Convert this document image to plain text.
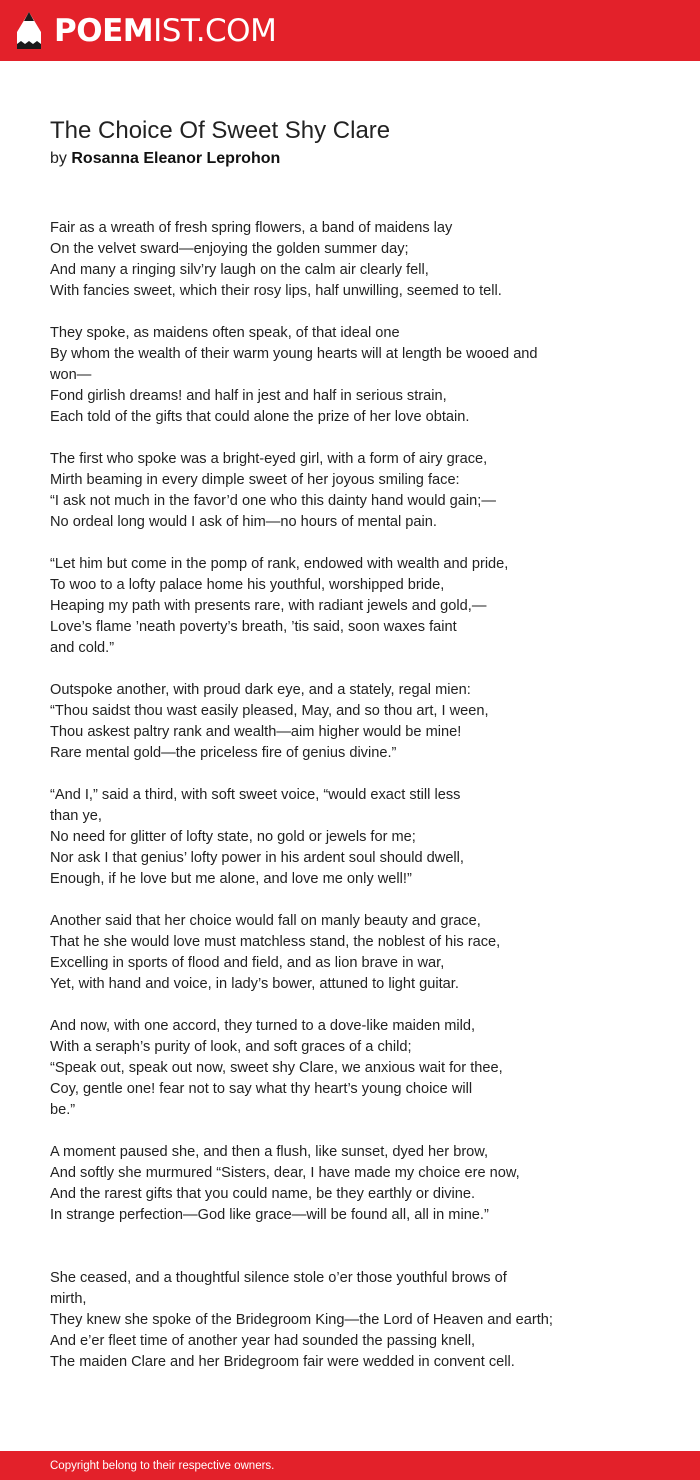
POEMIST.COM
The Choice Of Sweet Shy Clare
by Rosanna Eleanor Leprohon
Fair as a wreath of fresh spring flowers, a band of maidens lay
On the velvet sward—enjoying the golden summer day;
And many a ringing silv’ry laugh on the calm air clearly fell,
With fancies sweet, which their rosy lips, half unwilling, seemed to tell.
They spoke, as maidens often speak, of that ideal one
By whom the wealth of their warm young hearts will at length be wooed and
won—
Fond girlish dreams! and half in jest and half in serious strain,
Each told of the gifts that could alone the prize of her love obtain.
The first who spoke was a bright-eyed girl, with a form of airy grace,
Mirth beaming in every dimple sweet of her joyous smiling face:
“I ask not much in the favor’d one who this dainty hand would gain;—
No ordeal long would I ask of him—no hours of mental pain.
“Let him but come in the pomp of rank, endowed with wealth and pride,
To woo to a lofty palace home his youthful, worshipped bride,
Heaping my path with presents rare, with radiant jewels and gold,—
Love’s flame ’neath poverty’s breath, ’tis said, soon waxes faint
and cold.”
Outspoke another, with proud dark eye, and a stately, regal mien:
“Thou saidst thou wast easily pleased, May, and so thou art, I ween,
Thou askest paltry rank and wealth—aim higher would be mine!
Rare mental gold—the priceless fire of genius divine.”
“And I,” said a third, with soft sweet voice, “would exact still less
than ye,
No need for glitter of lofty state, no gold or jewels for me;
Nor ask I that genius’ lofty power in his ardent soul should dwell,
Enough, if he love but me alone, and love me only well!”
Another said that her choice would fall on manly beauty and grace,
That he she would love must matchless stand, the noblest of his race,
Excelling in sports of flood and field, and as lion brave in war,
Yet, with hand and voice, in lady’s bower, attuned to light guitar.
And now, with one accord, they turned to a dove-like maiden mild,
With a seraph’s purity of look, and soft graces of a child;
“Speak out, speak out now, sweet shy Clare, we anxious wait for thee,
Coy, gentle one! fear not to say what thy heart’s young choice will
be.”
A moment paused she, and then a flush, like sunset, dyed her brow,
And softly she murmured “Sisters, dear, I have made my choice ere now,
And the rarest gifts that you could name, be they earthly or divine.
In strange perfection—God like grace—will be found all, all in mine.”
She ceased, and a thoughtful silence stole o’er those youthful brows of
mirth,
They knew she spoke of the Bridegroom King—the Lord of Heaven and earth;
And e’er fleet time of another year had sounded the passing knell,
The maiden Clare and her Bridegroom fair were wedded in convent cell.
Copyright belong to their respective owners.
